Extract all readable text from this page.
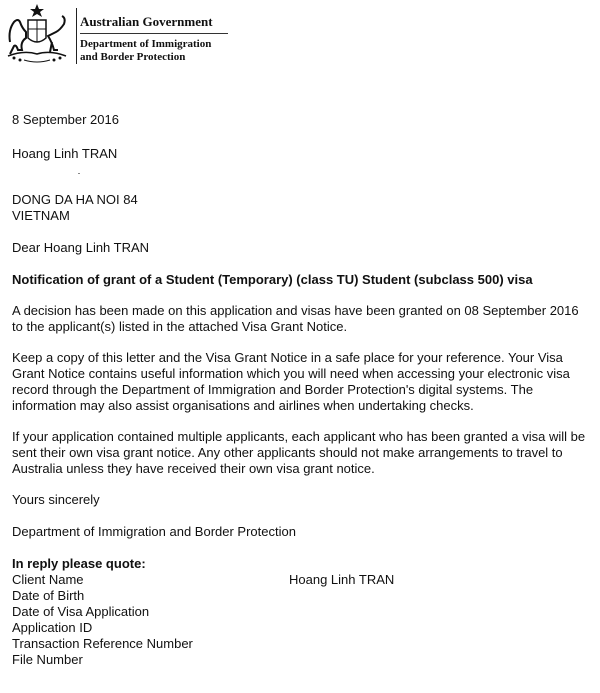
Australian Government
Department of Immigration
and Border Protection

8 September 2016

Hoang Linh TRAN

DONG DA HA NOI 84
VIETNAM

Dear Hoang Linh TRAN

Notification of grant of a Student (Temporary) (class TU) Student (subclass 500) visa

A decision has been made on this application and visas have been granted on 08 September 2016 to the applicant(s) listed in the attached Visa Grant Notice.

Keep a copy of this letter and the Visa Grant Notice in a safe place for your reference. Your Visa Grant Notice contains useful information which you will need when accessing your electronic visa record through the Department of Immigration and Border Protection's digital systems. The information may also assist organisations and airlines when undertaking checks.

If your application contained multiple applicants, each applicant who has been granted a visa will be sent their own visa grant notice. Any other applicants should not make arrangements to travel to Australia unless they have received their own visa grant notice.

Yours sincerely

Department of Immigration and Border Protection

In reply please quote:
Client Name	Hoang Linh TRAN
Date of Birth
Date of Visa Application
Application ID
Transaction Reference Number
File Number
